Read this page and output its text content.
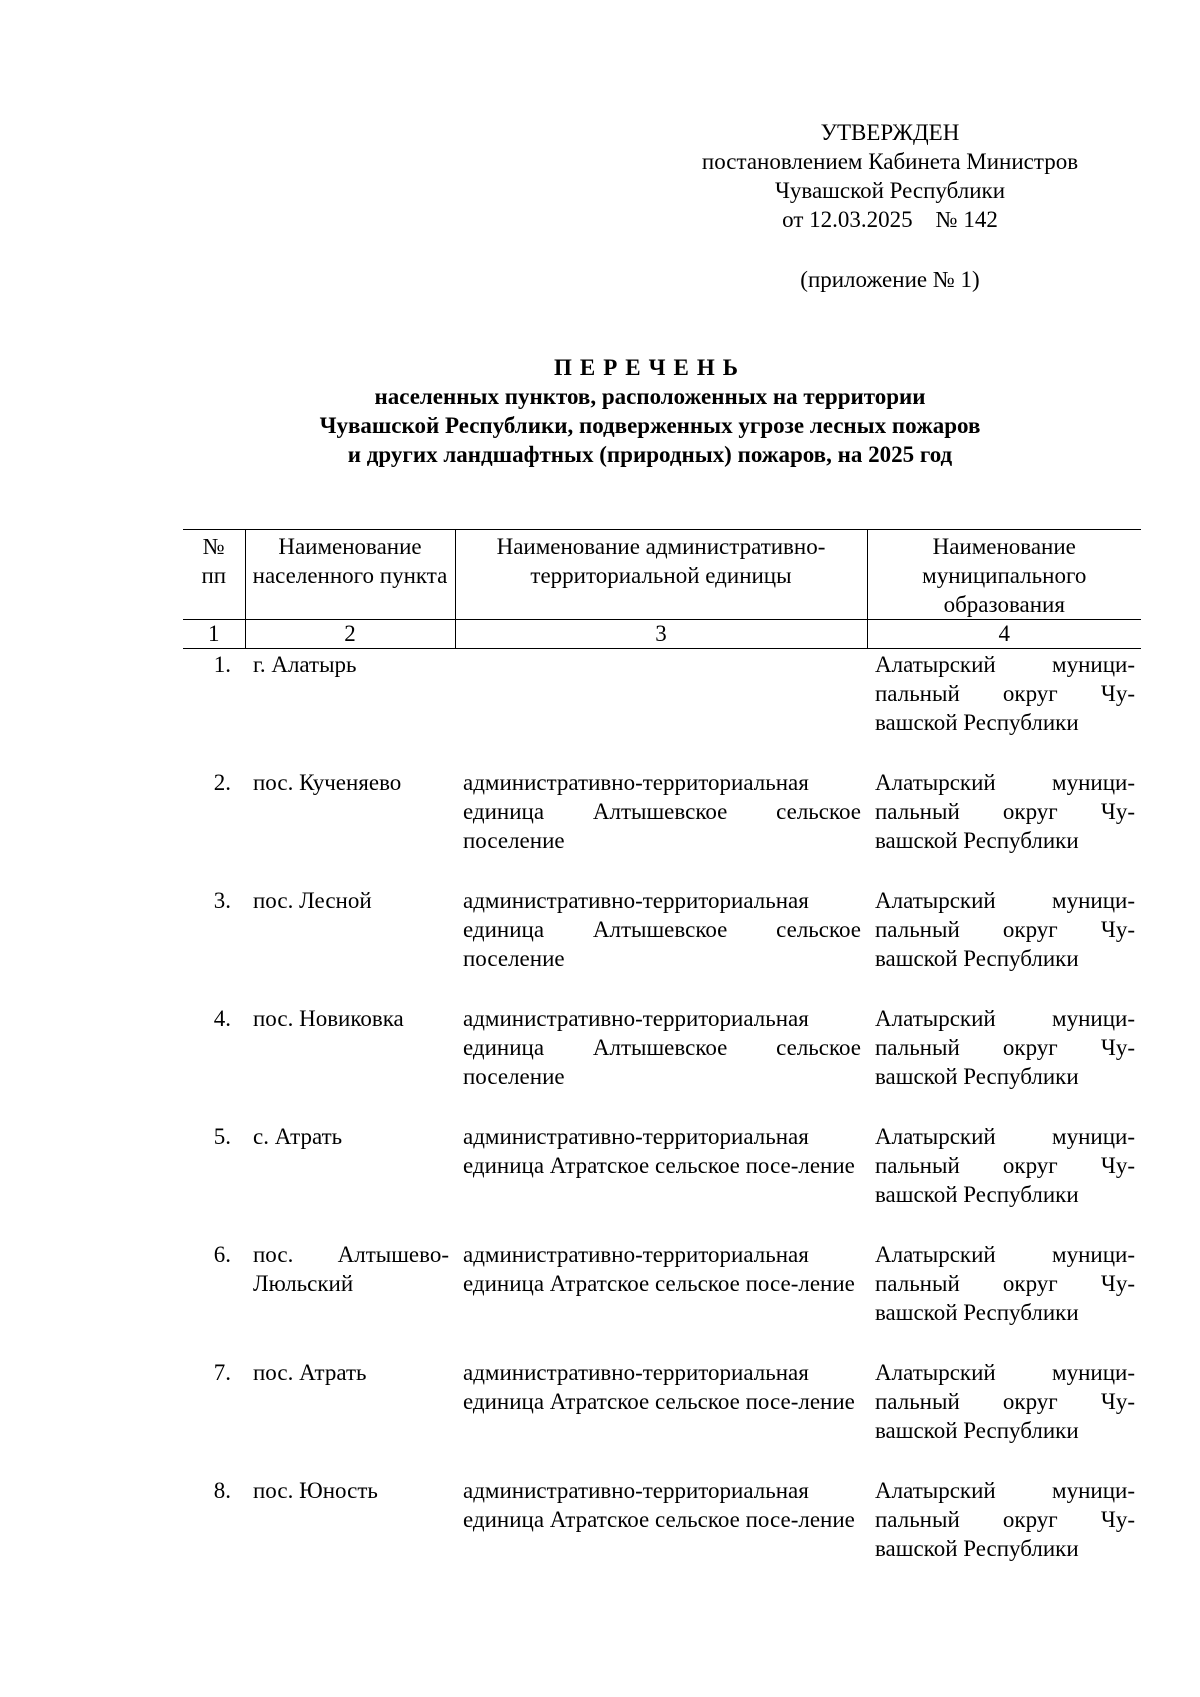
УТВЕРЖДЕН
постановлением Кабинета Министров
Чувашской Республики
от 12.03.2025    № 142
(приложение № 1)
ПЕРЕЧЕНЬ
населенных пунктов, расположенных на территории
Чувашской Республики, подверженных угрозе лесных пожаров
и других ландшафтных (природных) пожаров, на 2025 год
№ пп	Наименование населенного пункта	Наименование административно-территориальной единицы	Наименование муниципального образования
1	2	3	4
1.	г. Алатырь		Алатырский муници-пальный округ Чу-вашской Республики
2.	пос. Кученяево	административно-территориальная единица Алтышевское сельское поселение	Алатырский муници-пальный округ Чу-вашской Республики
3.	пос. Лесной	административно-территориальная единица Алтышевское сельское поселение	Алатырский муници-пальный округ Чу-вашской Республики
4.	пос. Новиковка	административно-территориальная единица Алтышевское сельское поселение	Алатырский муници-пальный округ Чу-вашской Республики
5.	с. Атрать	административно-территориальная единица Атратское сельское посе-ление	Алатырский муници-пальный округ Чу-вашской Республики
6.	пос. Алтышево-Люльский	административно-территориальная единица Атратское сельское посе-ление	Алатырский муници-пальный округ Чу-вашской Республики
7.	пос. Атрать	административно-территориальная единица Атратское сельское посе-ление	Алатырский муници-пальный округ Чу-вашской Республики
8.	пос. Юность	административно-территориальная единица Атратское сельское посе-ление	Алатырский муници-пальный округ Чу-вашской Республики
